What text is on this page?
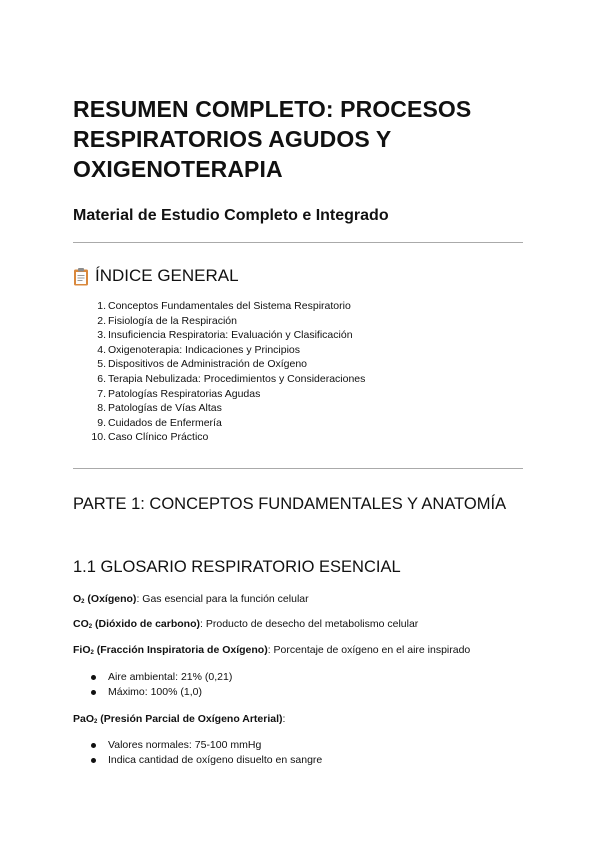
RESUMEN COMPLETO: PROCESOS RESPIRATORIOS AGUDOS Y OXIGENOTERAPIA

Material de Estudio Completo e Integrado

ÍNDICE GENERAL
1. Conceptos Fundamentales del Sistema Respiratorio
2. Fisiología de la Respiración
3. Insuficiencia Respiratoria: Evaluación y Clasificación
4. Oxigenoterapia: Indicaciones y Principios
5. Dispositivos de Administración de Oxígeno
6. Terapia Nebulizada: Procedimientos y Consideraciones
7. Patologías Respiratorias Agudas
8. Patologías de Vías Altas
9. Cuidados de Enfermería
10. Caso Clínico Práctico
PARTE 1: CONCEPTOS FUNDAMENTALES Y ANATOMÍA
1.1 GLOSARIO RESPIRATORIO ESENCIAL

$O_2$ (Oxígeno): Gas esencial para la función celular

$CO_2$ (Dióxido de carbono): Producto de desecho del metabolismo celular

FiO$_2$ (Fracción Inspiratoria de Oxígeno): Porcentaje de oxígeno en el aire inspirado

Aire ambiental: 21% (0,21)
Máximo: 100% (1,0)

PaO$_2$ (Presión Parcial de Oxígeno Arterial):

Valores normales: 75-100 mmHg
Indica cantidad de oxígeno disuelto en sangre
